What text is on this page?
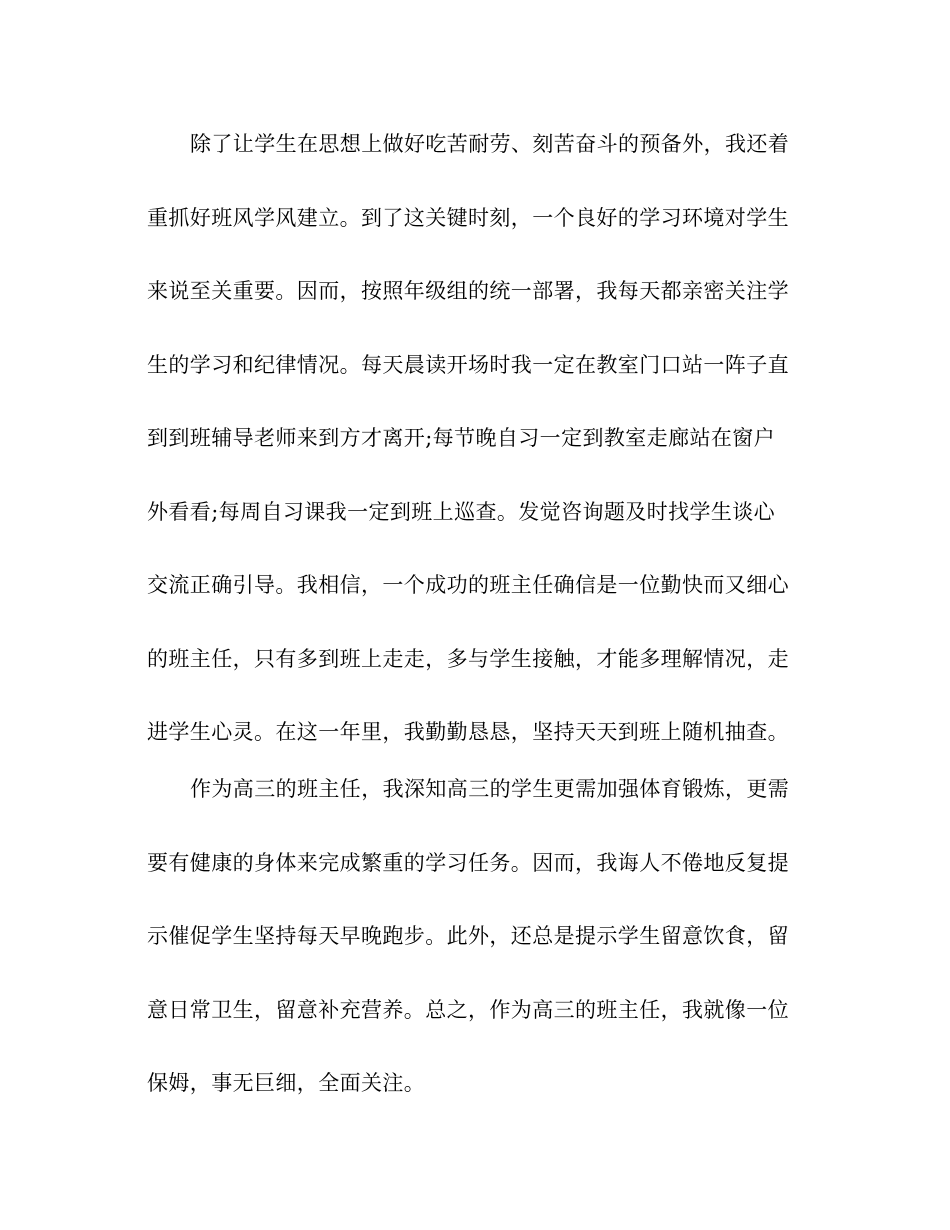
除了让学生在思想上做好吃苦耐劳、刻苦奋斗的预备外，我还着
重抓好班风学风建立。到了这关键时刻，一个良好的学习环境对学生
来说至关重要。因而，按照年级组的统一部署，我每天都亲密关注学
生的学习和纪律情况。每天晨读开场时我一定在教室门口站一阵子直
到到班辅导老师来到方才离开;每节晚自习一定到教室走廊站在窗户
外看看;每周自习课我一定到班上巡查。发觉咨询题及时找学生谈心
交流正确引导。我相信，一个成功的班主任确信是一位勤快而又细心
的班主任，只有多到班上走走，多与学生接触，才能多理解情况，走
进学生心灵。在这一年里，我勤勤恳恳，坚持天天到班上随机抽查。
作为高三的班主任，我深知高三的学生更需加强体育锻炼，更需
要有健康的身体来完成繁重的学习任务。因而，我诲人不倦地反复提
示催促学生坚持每天早晚跑步。此外，还总是提示学生留意饮食，留
意日常卫生，留意补充营养。总之，作为高三的班主任，我就像一位
保姆，事无巨细，全面关注。
